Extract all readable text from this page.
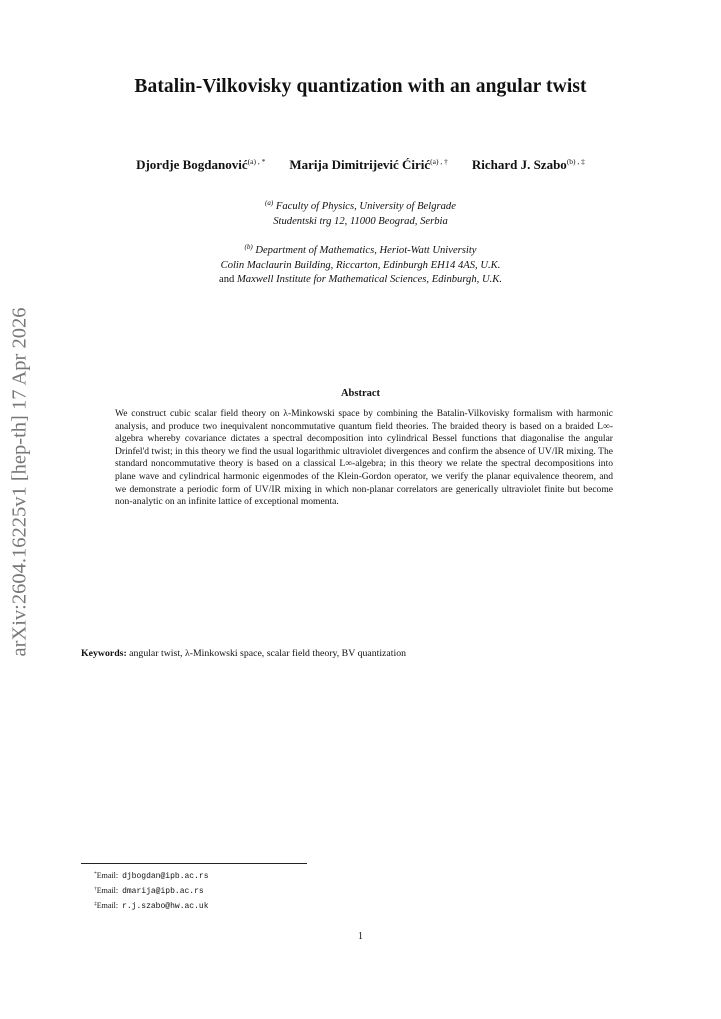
arXiv:2604.16225v1 [hep-th] 17 Apr 2026
Batalin-Vilkovisky quantization with an angular twist
Djordje Bogdanović$^{(a) , *}$ Marija Dimitrijević Ćirić$^{(a) , \dagger}$ Richard J. Szabo$^{(b) , \ddagger}$
$^{(a)}$ Faculty of Physics, University of Belgrade
Studentski trg 12, 11000 Beograd, Serbia
$^{(b)}$ Department of Mathematics, Heriot-Watt University
Colin Maclaurin Building, Riccarton, Edinburgh EH14 4AS, U.K.
and Maxwell Institute for Mathematical Sciences, Edinburgh, U.K.
Abstract
We construct cubic scalar field theory on λ-Minkowski space by combining the Batalin-Vilkovisky formalism with harmonic analysis, and produce two inequivalent noncommutative quantum field theories. The braided theory is based on a braided L∞-algebra whereby covariance dictates a spectral decomposition into cylindrical Bessel functions that diagonalise the angular Drinfel'd twist; in this theory we find the usual logarithmic ultraviolet divergences and confirm the absence of UV/IR mixing. The standard noncommutative theory is based on a classical L∞-algebra; in this theory we relate the spectral decompositions into plane wave and cylindrical harmonic eigenmodes of the Klein-Gordon operator, we verify the planar equivalence theorem, and we demonstrate a periodic form of UV/IR mixing in which non-planar correlators are generically ultraviolet finite but become non-analytic on an infinite lattice of exceptional momenta.
Keywords: angular twist, λ-Minkowski space, scalar field theory, BV quantization
*Email: djbogdan@ipb.ac.rs
†Email: dmarija@ipb.ac.rs
‡Email: r.j.szabo@hw.ac.uk
1
